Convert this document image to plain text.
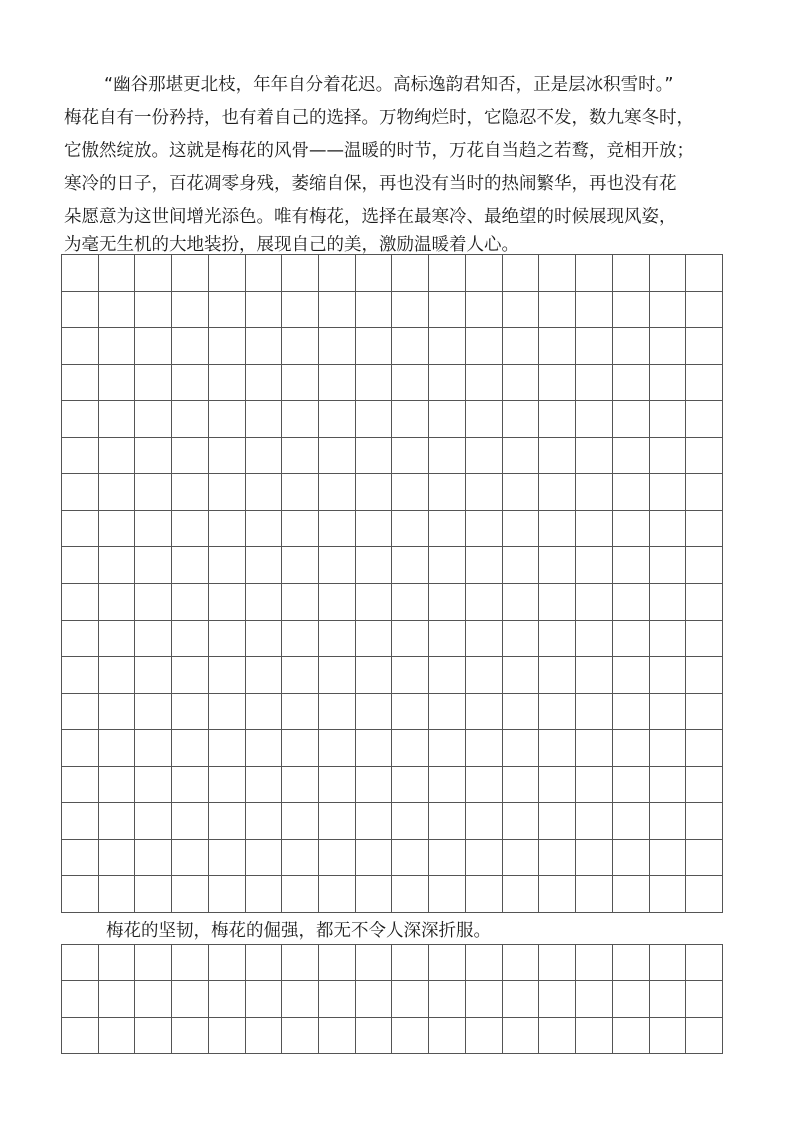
“幽谷那堪更北枝，年年自分着花迟。高标逸韵君知否，正是层冰积雪时。”

梅花自有一份矜持，也有着自己的选择。万物绚烂时，它隐忍不发，数九寒冬时，

它傲然绽放。这就是梅花的风骨——温暖的时节，万花自当趋之若鹜，竞相开放；

寒冷的日子，百花凋零身残，萎缩自保，再也没有当时的热闹繁华，再也没有花

朵愿意为这世间增光添色。唯有梅花，选择在最寒冷、最绝望的时候展现风姿，

为毫无生机的大地装扮，展现自己的美，激励温暖着人心。

梅花的坚韧，梅花的倔强，都无不令人深深折服。
